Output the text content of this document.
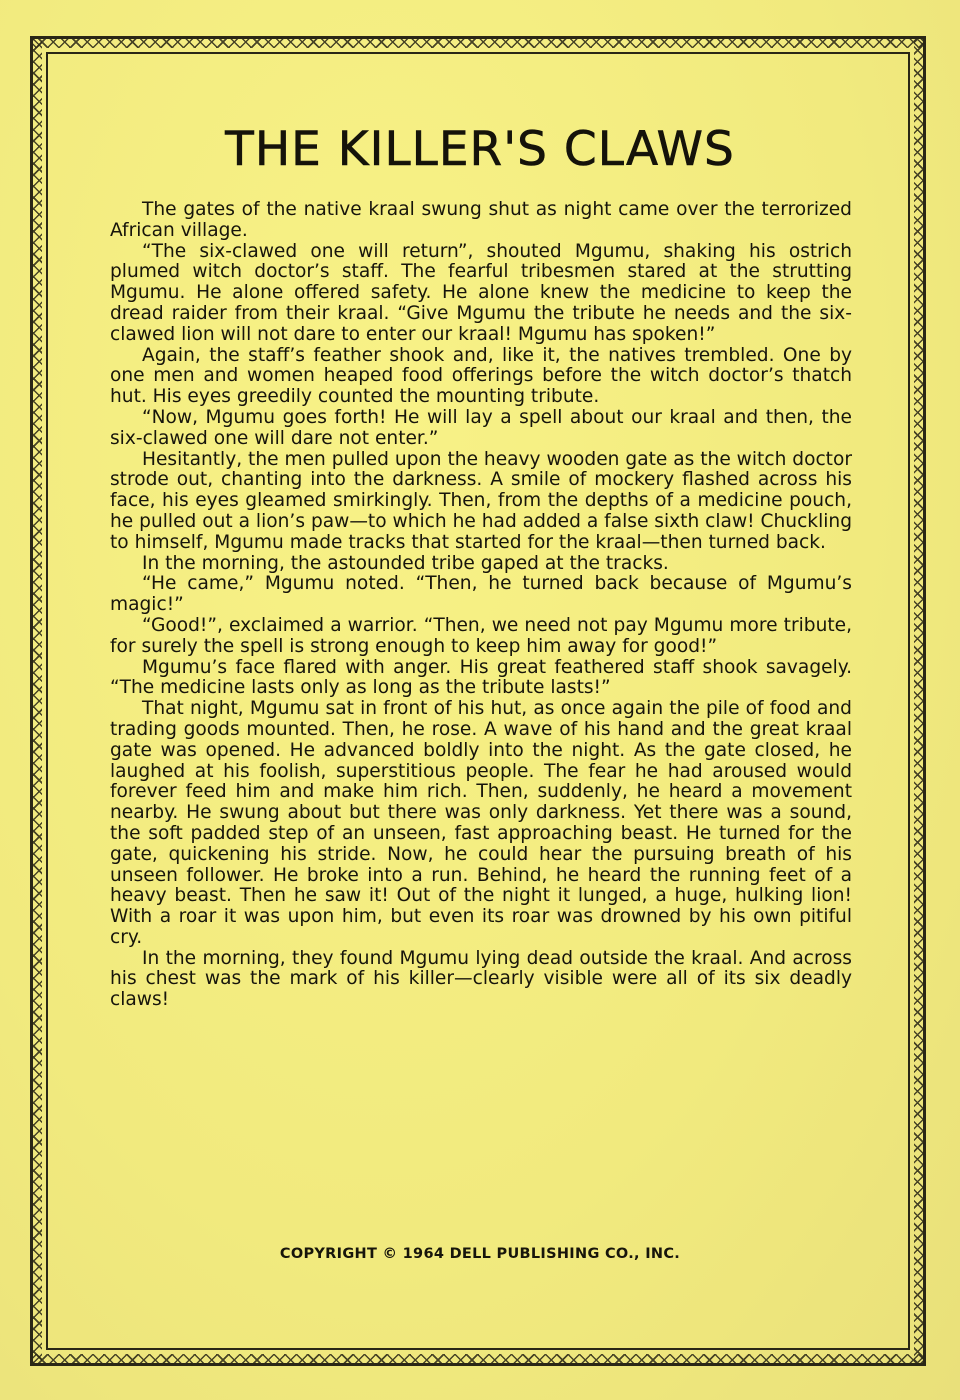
THE KILLER'S CLAWS

The gates of the native kraal swung shut as night came over the terrorized African village.

“The six-clawed one will return”, shouted Mgumu, shaking his ostrich plumed witch doctor’s staff. The fearful tribesmen stared at the strutting Mgumu. He alone offered safety. He alone knew the medicine to keep the dread raider from their kraal. “Give Mgumu the tribute he needs and the six-clawed lion will not dare to enter our kraal! Mgumu has spoken!”

Again, the staff’s feather shook and, like it, the natives trembled. One by one men and women heaped food offerings before the witch doctor’s thatch hut. His eyes greedily counted the mounting tribute.

“Now, Mgumu goes forth! He will lay a spell about our kraal and then, the six-clawed one will dare not enter.”

Hesitantly, the men pulled upon the heavy wooden gate as the witch doctor strode out, chanting into the darkness. A smile of mockery flashed across his face, his eyes gleamed smirkingly. Then, from the depths of a medicine pouch, he pulled out a lion’s paw—to which he had added a false sixth claw! Chuckling to himself, Mgumu made tracks that started for the kraal—then turned back.

In the morning, the astounded tribe gaped at the tracks.

“He came,” Mgumu noted. “Then, he turned back because of Mgumu’s magic!”

“Good!”, exclaimed a warrior. “Then, we need not pay Mgumu more tribute, for surely the spell is strong enough to keep him away for good!”

Mgumu’s face flared with anger. His great feathered staff shook savagely. “The medicine lasts only as long as the tribute lasts!”

That night, Mgumu sat in front of his hut, as once again the pile of food and trading goods mounted. Then, he rose. A wave of his hand and the great kraal gate was opened. He advanced boldly into the night. As the gate closed, he laughed at his foolish, superstitious people. The fear he had aroused would forever feed him and make him rich. Then, suddenly, he heard a movement nearby. He swung about but there was only darkness. Yet there was a sound, the soft padded step of an unseen, fast approaching beast. He turned for the gate, quickening his stride. Now, he could hear the pursuing breath of his unseen follower. He broke into a run. Behind, he heard the running feet of a heavy beast. Then he saw it! Out of the night it lunged, a huge, hulking lion! With a roar it was upon him, but even its roar was drowned by his own pitiful cry.

In the morning, they found Mgumu lying dead outside the kraal. And across his chest was the mark of his killer—clearly visible were all of its six deadly claws!

COPYRIGHT © 1964 DELL PUBLISHING CO., INC.
